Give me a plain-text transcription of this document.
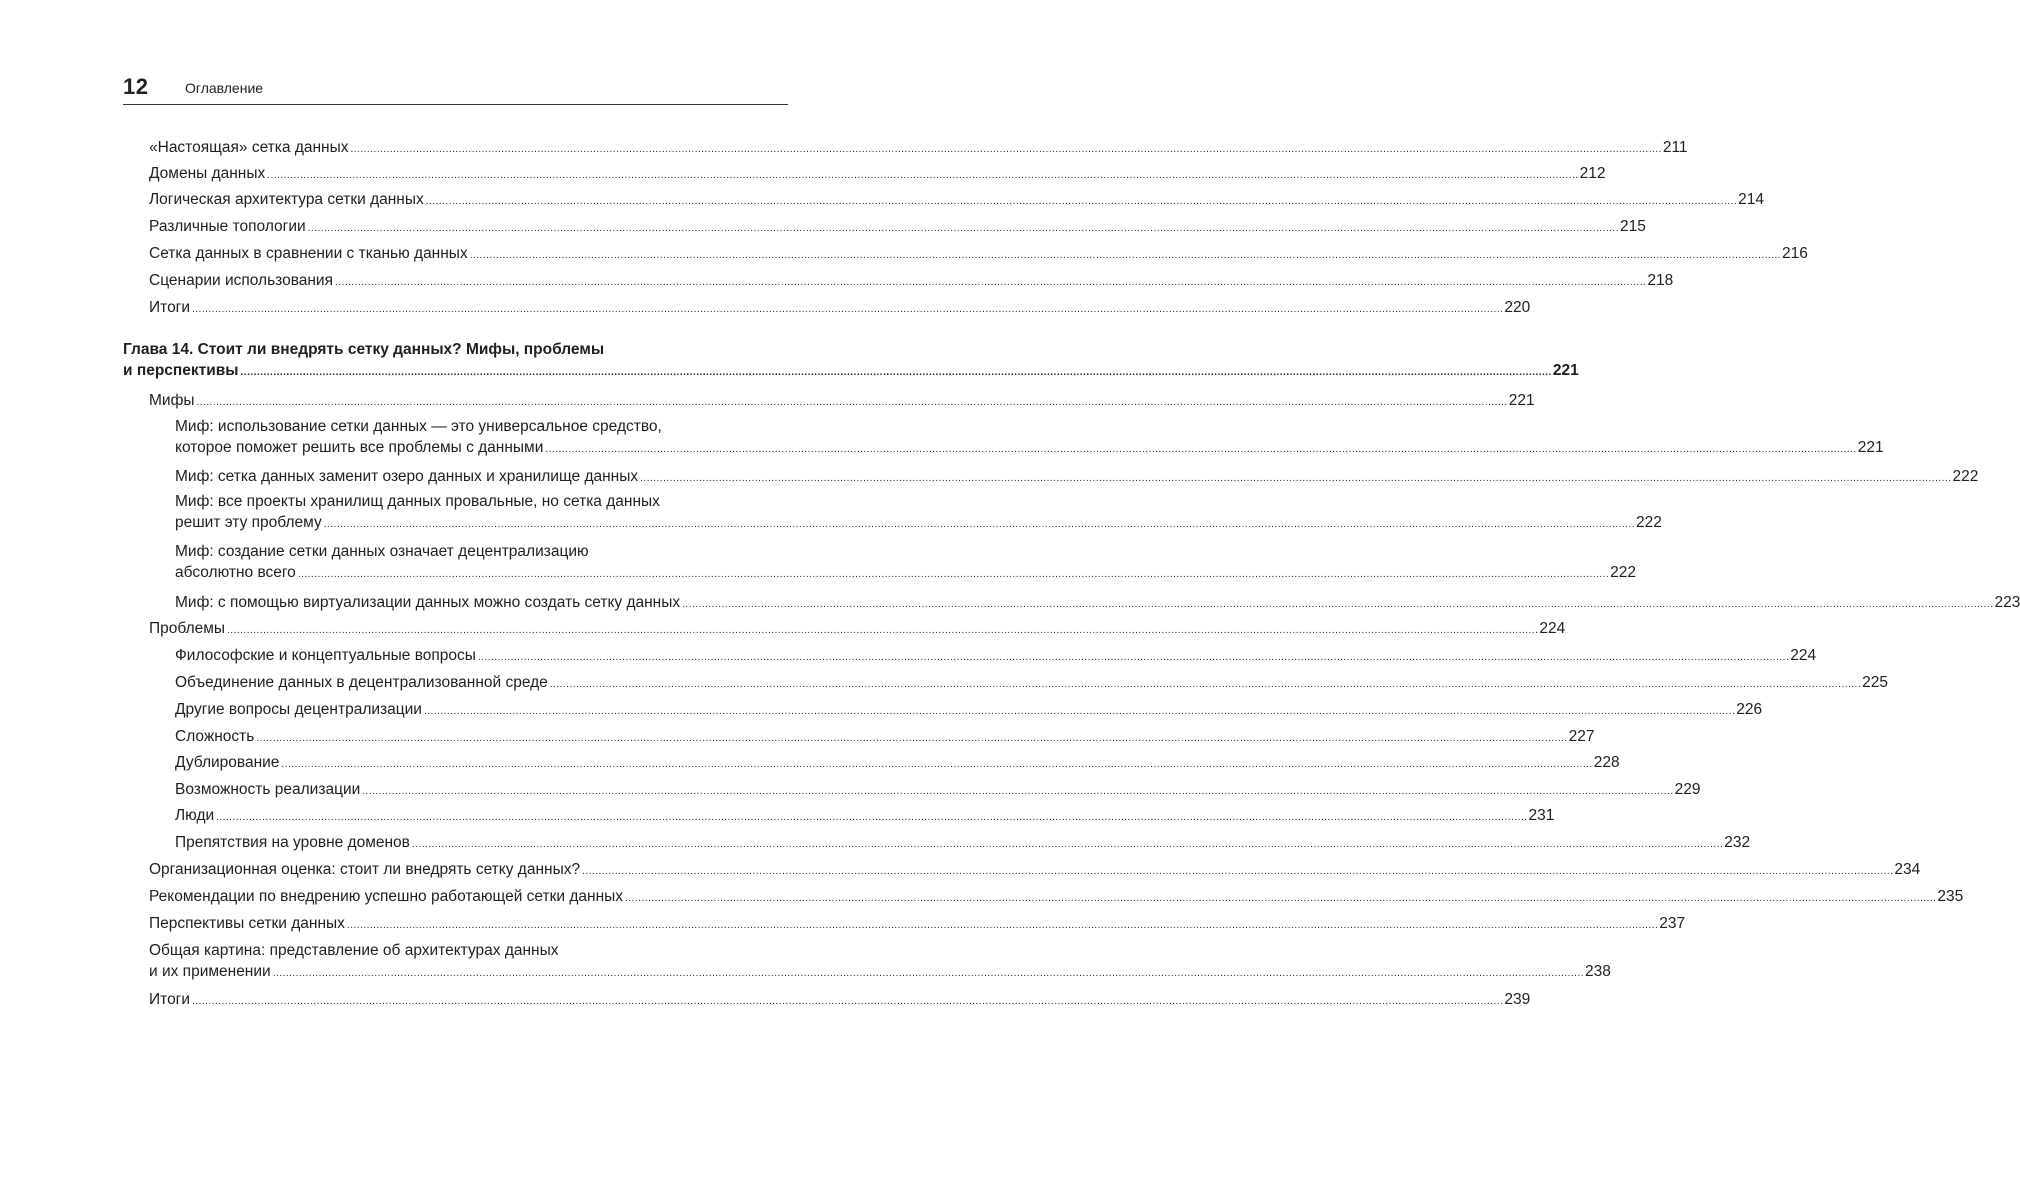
12	Оглавление
«Настоящая» сетка данных ................................................................................................................................................................................................................................................................................................................................................................................................................ 211
Домены данных ................................................................................................................................................................................................................................................................................................................................................................................................................ 212
Логическая архитектура сетки данных ................................................................................................................................................................................................................................................................................................................................................................................................................ 214
Различные топологии ................................................................................................................................................................................................................................................................................................................................................................................................................ 215
Сетка данных в сравнении с тканью данных ................................................................................................................................................................................................................................................................................................................................................................................................................ 216
Сценарии использования ................................................................................................................................................................................................................................................................................................................................................................................................................ 218
Итоги ................................................................................................................................................................................................................................................................................................................................................................................................................ 220
Глава 14. Стоит ли внедрять сетку данных? Мифы, проблемы
и перспективы ................................................................................................................................................................................................................................................................................................................................................................................................................ 221
Мифы ................................................................................................................................................................................................................................................................................................................................................................................................................ 221
Миф: использование сетки данных — это универсальное средство,
которое поможет решить все проблемы с данными ................................................................................................................................................................................................................................................................................................................................................................................................................ 221
Миф: сетка данных заменит озеро данных и хранилище данных ................................................................................................................................................................................................................................................................................................................................................................................................................ 222
Миф: все проекты хранилищ данных провальные, но сетка данных
решит эту проблему ................................................................................................................................................................................................................................................................................................................................................................................................................ 222
Миф: создание сетки данных означает децентрализацию
абсолютно всего ................................................................................................................................................................................................................................................................................................................................................................................................................ 222
Миф: с помощью виртуализации данных можно создать сетку данных ................................................................................................................................................................................................................................................................................................................................................................................................................ 223
Проблемы ................................................................................................................................................................................................................................................................................................................................................................................................................ 224
Философские и концептуальные вопросы ................................................................................................................................................................................................................................................................................................................................................................................................................ 224
Объединение данных в децентрализованной среде ................................................................................................................................................................................................................................................................................................................................................................................................................ 225
Другие вопросы децентрализации ................................................................................................................................................................................................................................................................................................................................................................................................................ 226
Сложность ................................................................................................................................................................................................................................................................................................................................................................................................................ 227
Дублирование ................................................................................................................................................................................................................................................................................................................................................................................................................ 228
Возможность реализации ................................................................................................................................................................................................................................................................................................................................................................................................................ 229
Люди ................................................................................................................................................................................................................................................................................................................................................................................................................ 231
Препятствия на уровне доменов ................................................................................................................................................................................................................................................................................................................................................................................................................ 232
Организационная оценка: стоит ли внедрять сетку данных? ................................................................................................................................................................................................................................................................................................................................................................................................................ 234
Рекомендации по внедрению успешно работающей сетки данных ................................................................................................................................................................................................................................................................................................................................................................................................................ 235
Перспективы сетки данных ................................................................................................................................................................................................................................................................................................................................................................................................................ 237
Общая картина: представление об архитектурах данных
и их применении ................................................................................................................................................................................................................................................................................................................................................................................................................ 238
Итоги ................................................................................................................................................................................................................................................................................................................................................................................................................ 239
